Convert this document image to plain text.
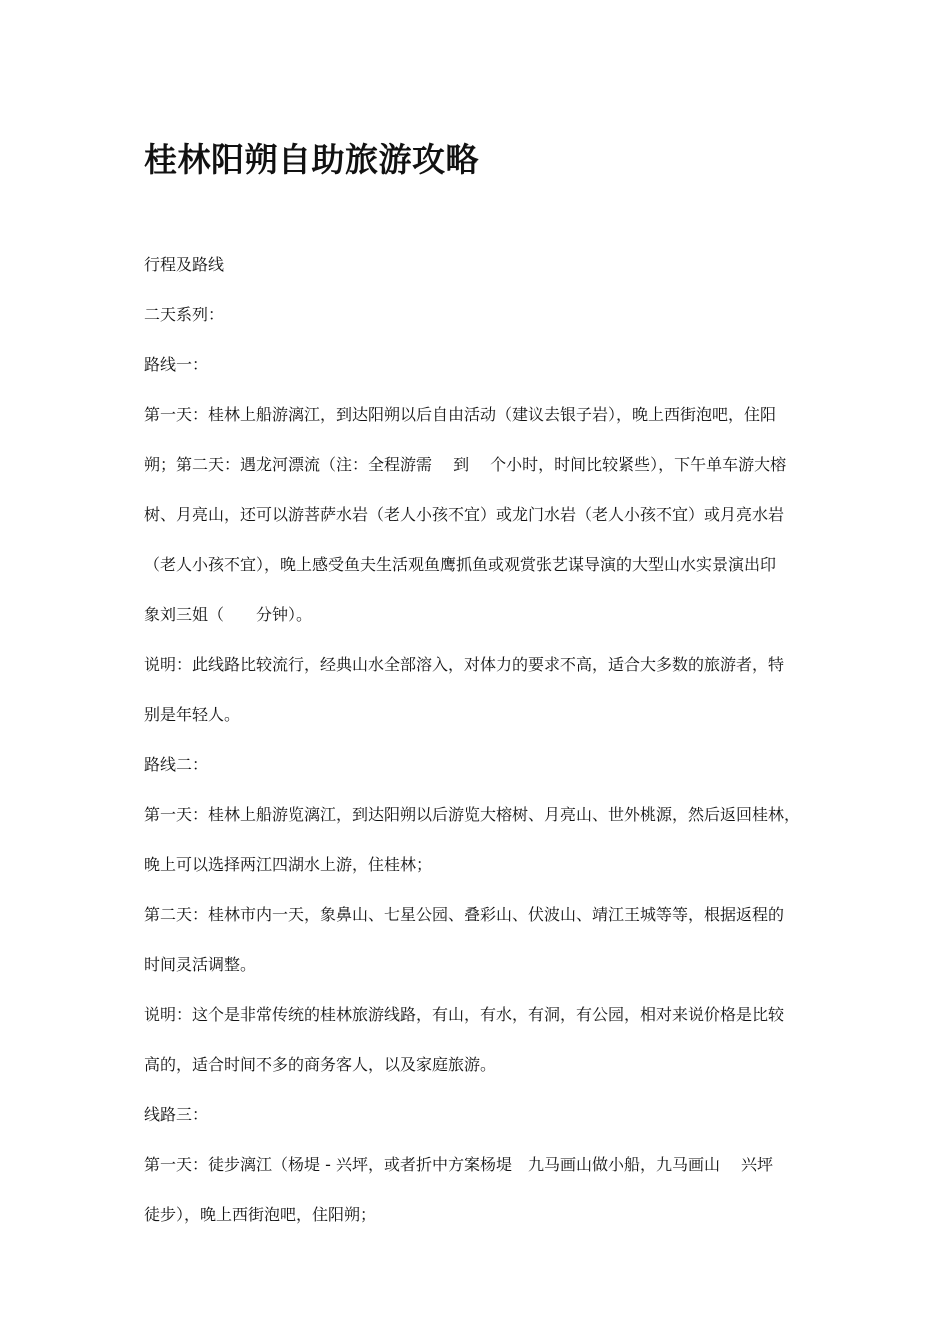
桂林阳朔自助旅游攻略

行程及路线

二天系列：

路线一：

第一天：桂林上船游漓江，到达阳朔以后自由活动（建议去银子岩），晚上西街泡吧，住阳
朔；第二天：遇龙河漂流（注：全程游需　 到　 个小时，时间比较紧些），下午单车游大榕
树、月亮山，还可以游菩萨水岩（老人小孩不宜）或龙门水岩（老人小孩不宜）或月亮水岩
（老人小孩不宜），晚上感受鱼夫生活观鱼鹰抓鱼或观赏张艺谋导演的大型山水实景演出印
象刘三姐（　　分钟）。

说明：此线路比较流行，经典山水全部溶入，对体力的要求不高，适合大多数的旅游者，特
别是年轻人。

路线二：

第一天：桂林上船游览漓江，到达阳朔以后游览大榕树、月亮山、世外桃源，然后返回桂林，
晚上可以选择两江四湖水上游，住桂林；

第二天：桂林市内一天，象鼻山、七星公园、叠彩山、伏波山、靖江王城等等，根据返程的
时间灵活调整。

说明：这个是非常传统的桂林旅游线路，有山，有水，有洞，有公园，相对来说价格是比较
高的，适合时间不多的商务客人，以及家庭旅游。

线路三：

第一天：徒步漓江（杨堤 - 兴坪，或者折中方案杨堤　九马画山做小船，九马画山　 兴坪
徒步），晚上西街泡吧，住阳朔；
